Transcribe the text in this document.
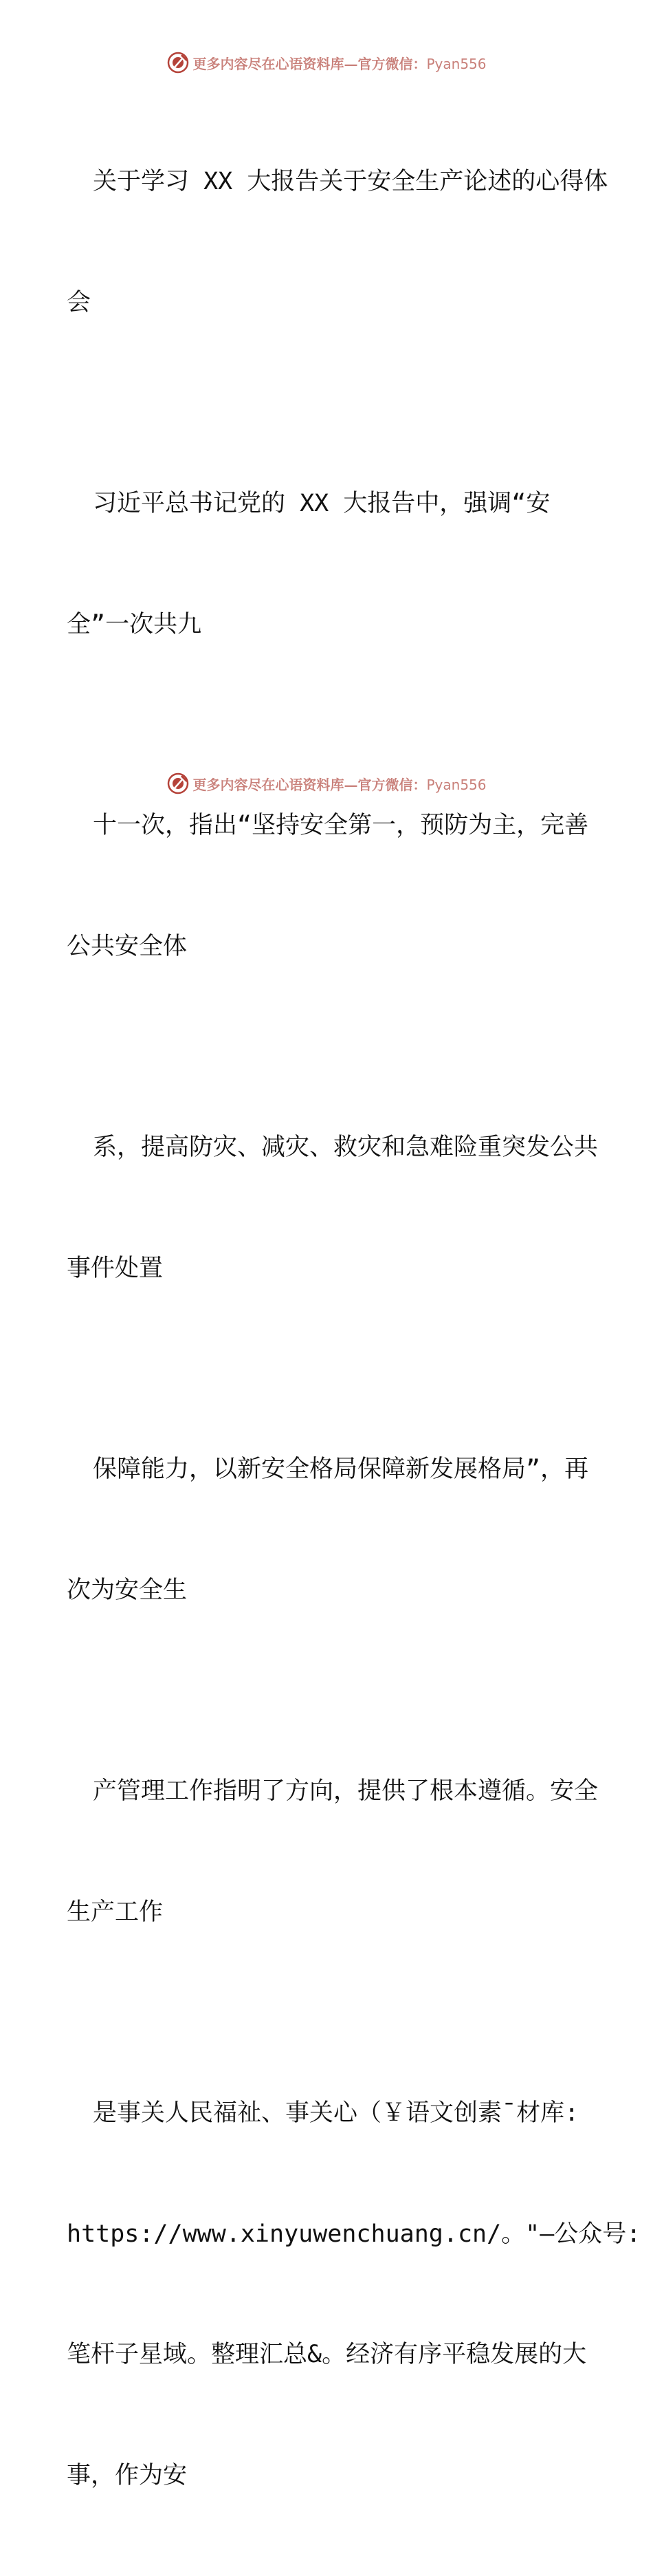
更多内容尽在心语资料库—官方微信：Pyan556

关于学习 XX 大报告关于安全生产论述的心得体

会

习近平总书记党的 XX 大报告中，强调“安

全”一次共九

十一次，指出“坚持安全第一，预防为主，完善

公共安全体

系，提高防灾、减灾、救灾和急难险重突发公共

事件处置

保障能力，以新安全格局保障新发展格局”，再

次为安全生

产管理工作指明了方向，提供了根本遵循。安全

生产工作

是事关人民福祉、事关心（￥语文创素¯材库:

https://www.xinyuwenchuang.cn/。"—公众号:

笔杆子星域。整理汇总&。经济有序平稳发展的大

事，作为安

更多内容尽在心语资料库—官方微信：Pyan556
